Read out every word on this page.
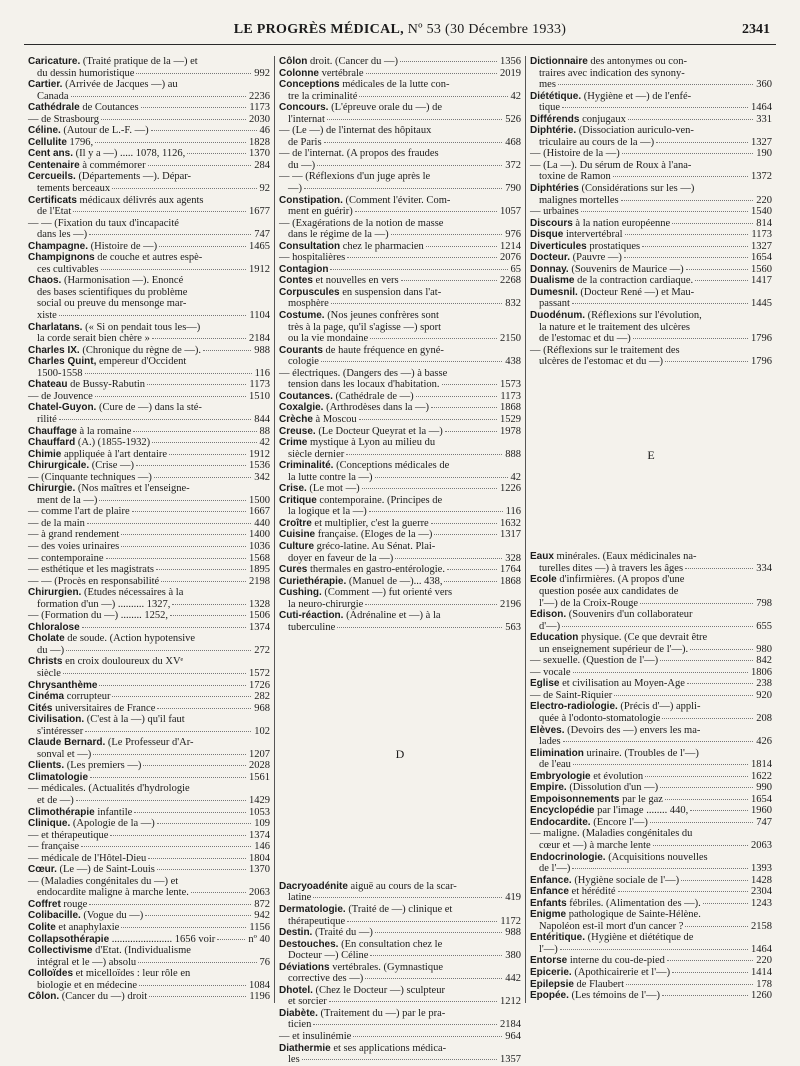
LE PROGRÈS MÉDICAL, Nº 53 (30 Décembre 1933)	2341
Caricature. (Traité pratique de la —) et
du dessin humoristique	992
Cartier. (Arrivée de Jacques —) au
Canada	2236
Cathédrale de Coutances	1173
— de Strasbourg	2030
Céline. (Autour de L.-F. —)	46
Cellulite 1796,	1828
Cent ans. (Il y a —) ..... 1078, 1126,	1370
Centenaire à commémorer	284
Cercueils. (Départements —). Dépar-
tements berceaux	92
Certificats médicaux délivrés aux agents
de l'Etat	1677
— — (Fixation du taux d'incapacité
dans les —)	747
Champagne. (Histoire de —)	1465
Champignons de couche et autres espè-
ces cultivables	1912
Chaos. (Harmonisation —). Enoncé
des bases scientifiques du problème
social ou preuve du mensonge mar-
xiste	1104
Charlatans. (« Si on pendait tous les—)
la corde serait bien chère »	2184
Charles IX. (Chronique du règne de —).	988
Charles Quint, empereur d'Occident
1500-1558	116
Chateau de Bussy-Rabutin	1173
— de Jouvence	1510
Chatel-Guyon. (Cure de —) dans la sté-
rilité	844
Chauffage à la romaine	88
Chauffard (A.) (1855-1932)	42
Chimie appliquée à l'art dentaire	1912
Chirurgicale. (Crise —)	1536
— (Cinquante techniques —)	342
Chirurgie. (Nos maîtres et l'enseigne-
ment de la —)	1500
— comme l'art de plaire	1667
— de la main	440
— à grand rendement	1400
— des voies urinaires	1036
— contemporaine	1568
— esthétique et les magistrats	1895
— — (Procès en responsabilité	2198
Chirurgien. (Etudes nécessaires à la
formation d'un —) .......... 1327,	1328
— (Formation du —) ........ 1252,	1506
Chloralose	1374
Cholate de soude. (Action hypotensive
du —)	272
Christs en croix douloureux du XVᵉ
siècle	1572
Chrysanthème	1726
Cinéma corrupteur	282
Cités universitaires de France	968
Civilisation. (C'est à la —) qu'il faut
s'intéresser	102
Claude Bernard. (Le Professeur d'Ar-
sonval et —)	1207
Clients. (Les premiers —)	2028
Climatologie	1561
— médicales. (Actualités d'hydrologie
et de —)	1429
Climothérapie infantile	1053
Clinique. (Apologie de la —)	109
— et thérapeutique	1374
— française	146
— médicale de l'Hôtel-Dieu	1804
Cœur. (Le —) de Saint-Louis	1370
— (Maladies congénitales du —) et
endocardite maligne à marche lente.	2063
Coffret rouge	872
Colibacille. (Vogue du —)	942
Colite et anaphylaxie	1156
Collapsothérapie ....................... 1656 voir	nº 40
Collectivisme d'Etat. (Individualisme
intégral et le —) absolu	76
Colloïdes et micelloïdes : leur rôle en
biologie et en médecine	1084
Côlon. (Cancer du —) droit	1196
Côlon droit. (Cancer du —)	1356
Colonne vertébrale	2019
Conceptions médicales de la lutte con-
tre la criminalité	42
Concours. (L'épreuve orale du —) de
l'internat	526
— (Le —) de l'internat des hôpitaux
de Paris	468
— de l'internat. (A propos des fraudes
du —)	372
— — (Réflexions d'un juge après le
—)	790
Constipation. (Comment l'éviter. Com-
ment en guérir)	1057
— (Exagérations de la notion de masse
dans le régime de la —)	976
Consultation chez le pharmacien	1214
— hospitalières	2076
Contagion	65
Contes et nouvelles en vers	2268
Corpuscules en suspension dans l'at-
mosphère	832
Costume. (Nos jeunes confrères sont
très à la page, qu'il s'agisse —) sport
ou la vie mondaine	2150
Courants de haute fréquence en gyné-
cologie	438
— électriques. (Dangers des —) à basse
tension dans les locaux d'habitation.	1573
Coutances. (Cathédrale de —)	1173
Coxalgie. (Arthrodèses dans la —)	1868
Crèche à Moscou	1529
Creuse. (Le Docteur Queyrat et la —)	1978
Crime mystique à Lyon au milieu du
siècle dernier	888
Criminalité. (Conceptions médicales de
la lutte contre la —)	42
Crise. (Le mot —)	1226
Critique contemporaine. (Principes de
la logique et la —)	116
Croître et multiplier, c'est la guerre	1632
Cuisine française. (Eloges de la —)	1317
Culture gréco-latine. Au Sénat. Plai-
doyer en faveur de la —)	328
Cures thermales en gastro-entérologie.	1764
Curiethérapie. (Manuel de —)... 438,	1868
Cushing. (Comment —) fut orienté vers
la neuro-chirurgie	2196
Cuti-réaction. (Adrénaline et —) à la
tuberculine	563
D
Dacryoadénite aiguë au cours de la scar-
latine	419
Dermatologie. (Traité de —) clinique et
thérapeutique	1172
Destin. (Traité du —)	988
Destouches. (En consultation chez le
Docteur —) Céline	380
Déviations vertébrales. (Gymnastique
corrective des —)	442
Dhotel. (Chez le Docteur —) sculpteur
et sorcier	1212
Diabète. (Traitement du —) par le pra-
ticien	2184
— et insulinémie	964
Diathermie et ses applications médica-
les	1357
Dictionnaire des antonymes ou con-
traires avec indication des synony-
mes	360
Diététique. (Hygiène et —) de l'enfé-
tique	1464
Différends conjugaux	331
Diphtérie. (Dissociation auriculo-ven-
triculaire au cours de la —)	1327
— (Histoire de la —)	190
— (La —). Du sérum de Roux à l'ana-
toxine de Ramon	1372
Diphtéries (Considérations sur les —)
malignes mortelles	220
— urbaines	1540
Discours à la nation européenne	814
Disque intervertébral	1173
Diverticules prostatiques	1327
Docteur. (Pauvre —)	1654
Donnay. (Souvenirs de Maurice —)	1560
Dualisme de la contraction cardiaque.	1417
Dumesnil. (Docteur René —) et Mau-
passant	1445
Duodénum. (Réflexions sur l'évolution,
la nature et le traitement des ulcères
de l'estomac et du —)	1796
— (Réflexions sur le traitement des
ulcères de l'estomac et du —)	1796
E
Eaux minérales. (Eaux médicinales na-
turelles dites —) à travers les âges	334
Ecole d'infirmières. (A propos d'une
question posée aux candidates de
l'—) de la Croix-Rouge	798
Edison. (Souvenirs d'un collaborateur
d'—)	655
Education physique. (Ce que devrait être
un enseignement supérieur de l'—).	980
— sexuelle. (Question de l'—)	842
— vocale	1806
Eglise et civilisation au Moyen-Age	238
— de Saint-Riquier	920
Electro-radiologie. (Précis d'—) appli-
quée à l'odonto-stomatologie	208
Elèves. (Devoirs des —) envers les ma-
lades	426
Elimination urinaire. (Troubles de l'—)
de l'eau	1814
Embryologie et évolution	1622
Empire. (Dissolution d'un —)	990
Empoisonnements par le gaz	1654
Encyclopédie par l'image ........ 440,	1960
Endocardite. (Encore l'—)	747
— maligne. (Maladies congénitales du
cœur et —) à marche lente	2063
Endocrinologie. (Acquisitions nouvelles
de l'—)	1393
Enfance. (Hygiène sociale de l'—)	1428
Enfance et hérédité	2304
Enfants fébriles. (Alimentation des —).	1243
Enigme pathologique de Sainte-Hélène.
Napoléon est-il mort d'un cancer ?	2158
Entéritique. (Hygiène et diététique de
l'—)	1464
Entorse interne du cou-de-pied	220
Epicerie. (Apothicairerie et l'—)	1414
Epilepsie de Flaubert	178
Epopée. (Les témoins de l'—)	1260
